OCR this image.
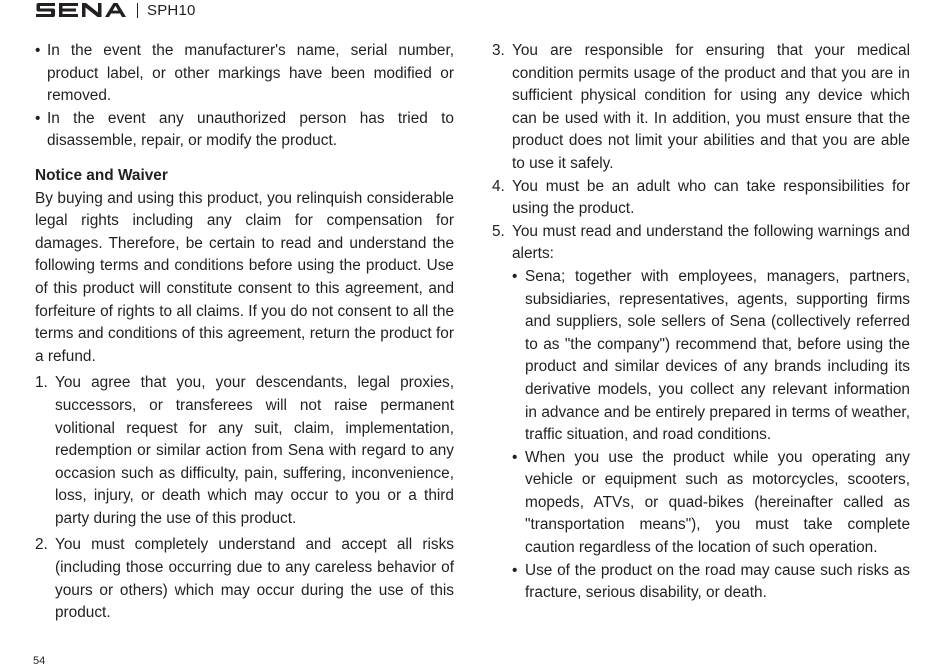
SPH10
• In the event the manufacturer's name, serial number, product label, or other markings have been modified or removed.
• In the event any unauthorized person has tried to disassemble, repair, or modify the product.
Notice and Waiver

By buying and using this product, you relinquish considerable legal rights including any claim for compensation for damages. Therefore, be certain to read and understand the following terms and conditions before using the product. Use of this product will constitute consent to this agreement, and forfeiture of rights to all claims. If you do not consent to all the terms and conditions of this agreement, return the product for a refund.

1. You agree that you, your descendants, legal proxies, successors, or transferees will not raise permanent volitional request for any suit, claim, implementation, redemption or similar action from Sena with regard to any occasion such as difficulty, pain, suffering, inconvenience, loss, injury, or death which may occur to you or a third party during the use of this product.
2. You must completely understand and accept all risks (including those occurring due to any careless behavior of yours or others) which may occur during the use of this product.
3. You are responsible for ensuring that your medical condition permits usage of the product and that you are in sufficient physical condition for using any device which can be used with it. In addition, you must ensure that the product does not limit your abilities and that you are able to use it safely.
4. You must be an adult who can take responsibilities for using the product.
5. You must read and understand the following warnings and alerts:
• Sena; together with employees, managers, partners, subsidiaries, representatives, agents, supporting firms and suppliers, sole sellers of Sena (collectively referred to as "the company") recommend that, before using the product and similar devices of any brands including its derivative models, you collect any relevant information in advance and be entirely prepared in terms of weather, traffic situation, and road conditions.
• When you use the product while you operating any vehicle or equipment such as motorcycles, scooters, mopeds, ATVs, or quad-bikes (hereinafter called as "transportation means"), you must take complete caution regardless of the location of such operation.
• Use of the product on the road may cause such risks as fracture, serious disability, or death.
54
